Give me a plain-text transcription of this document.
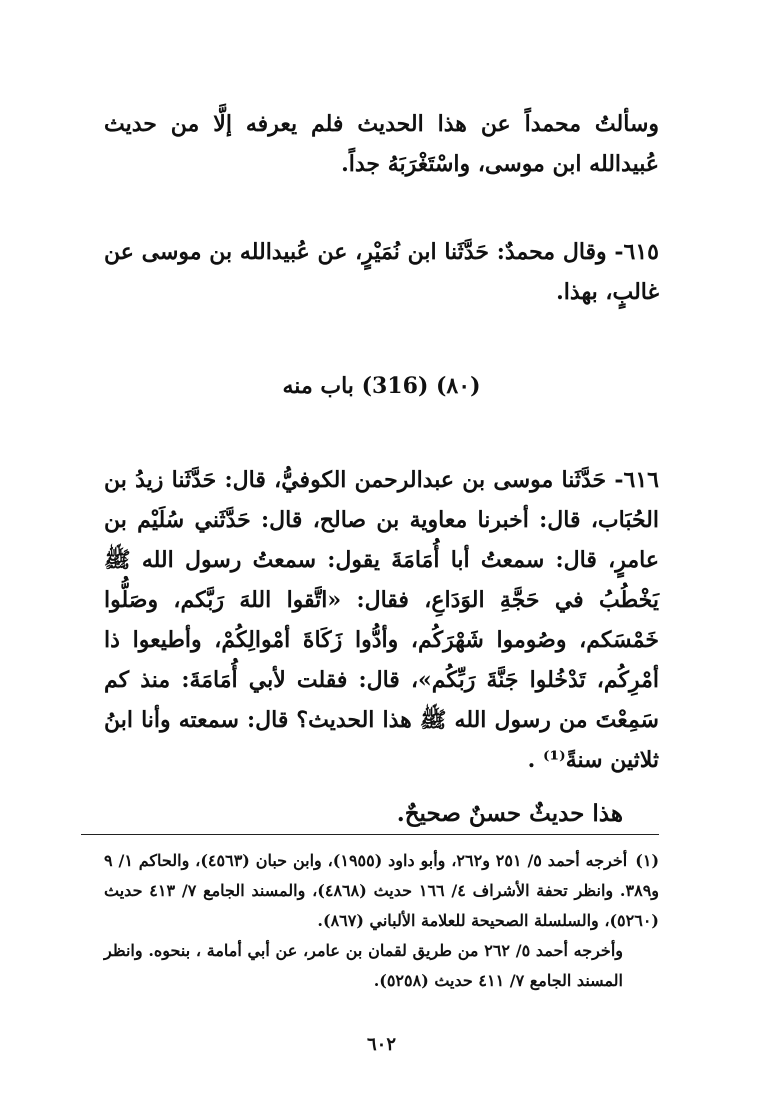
وسألتُ محمداً عن هذا الحديث فلم يعرفه إلَّا من حديث عُبيدالله ابن موسى، واسْتَغْرَبَهُ جداً.
٦١٥- وقال محمدٌ: حَدَّثَنا ابن نُمَيْرٍ، عن عُبيدالله بن موسى عن غالبٍ، بهذا.
(٨٠) (316) باب منه
٦١٦- حَدَّثَنا موسى بن عبدالرحمن الكوفيُّ، قال: حَدَّثَنا زيدُ بن الحُبَاب، قال: أخبرنا معاوية بن صالح، قال: حَدَّثَني سُلَيْم بن عامرٍ، قال: سمعتُ أبا أُمَامَةَ يقول: سمعتُ رسول الله ﷺ يَخْطُبُ في حَجَّةِ الوَدَاعِ، فقال: «اتَّقوا اللهَ رَبَّكم، وصَلُّوا خَمْسَكم، وصُوموا شَهْرَكُم، وأدُّوا زَكَاةَ أمْوالِكُمْ، وأطيعوا ذا أمْرِكُم، تَدْخُلوا جَنَّةَ رَبِّكُم»، قال: فقلت لأبي أُمَامَةَ: منذ كم سَمِعْتَ من رسول الله ﷺ هذا الحديث؟ قال: سمعته وأنا ابنُ ثلاثين سنةً⁽¹⁾ .
هذا حديثٌ حسنٌ صحيحٌ.

(١)أخرجه أحمد ٥/ ٢٥١ و٢٦٢، وأبو داود (١٩٥٥)، وابن حبان (٤٥٦٣)، والحاكم ١/ ٩ و٣٨٩. وانظر تحفة الأشراف ٤/ ١٦٦ حديث (٤٨٦٨)، والمسند الجامع ٧/ ٤١٣ حديث (٥٢٦٠)، والسلسلة الصحيحة للعلامة الألباني (٨٦٧).

وأخرجه أحمد ٥/ ٢٦٢ من طريق لقمان بن عامر، عن أبي أمامة ، بنحوه. وانظر المسند الجامع ٧/ ٤١١ حديث (٥٢٥٨).

٦٠٢
